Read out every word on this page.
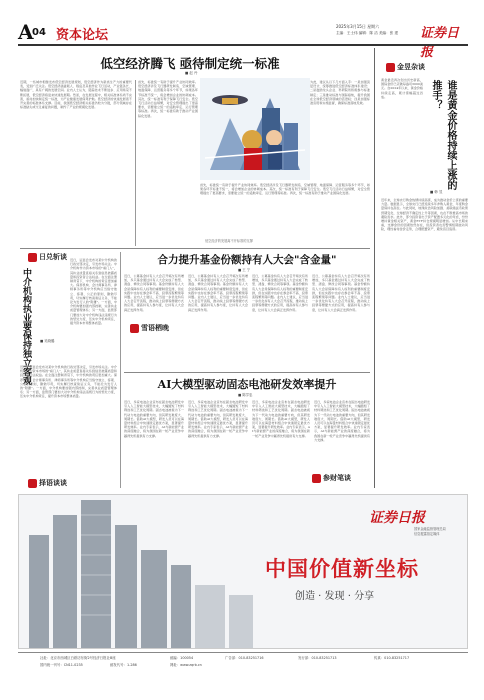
A
04 资本论坛
2025年3月15日 星期六
主编：王士伟 编辑：陈 洁 美编：张 建 证券日报
低空经济腾飞 亟待制定统一标准
■ 赵 丹
近期，一些城市相继发布低空经济发展规划，低空经济作为新质生产力的重要代表，受到广泛关注。低空经济涵盖载人、载货及其他作业飞行活动，产业链条长、辐射面广，具有广阔的发展空间。业内人士认为，随着技术不断进步、应用场景不断拓展，低空经济将迎来快速发展期。然而，在发展过程中，相关标准体系尚不完善，亟待加快制定统一标准，为产业健康发展保驾护航。低空经济的快速发展离不开完善的标准体系支撑。目前，我国低空经济相关标准仍较为分散，部分领域存在标准缺失或交叉重复的问题，制约了产业的规模化发展。
首先，标准统一有助于提升产业协同效率。低空经济涉及飞行器研发制造、空域管理、地面保障、运营服务等多个环节，如果各环节标准不统一，将会增加企业的协调成本。其次，统一标准有利于保障飞行安全。低空飞行活动日益频繁，对安全管理提出了更高要求，需要建立统一的适航审定、运行管理等标准。再次，统一标准有助于推动产业国际化发展。
为此，建议从以下几方面入手：一是加强顶层设计，统筹推进低空经济标准体系建设；二是鼓励龙头企业、科研院所积极参与标准制定；三是推动标准与国际接轨，提升我国在全球低空经济领域的话语权；四是加强标准宣贯和实施监督，确保标准落地见效。
首先，标准统一有助于提升产业协同效率。低空经济涉及飞行器研发制造、空域管理、地面保障、运营服务等多个环节，如果各环节标准不统一，将会增加企业的协调成本。其次，统一标准有利于保障飞行安全。低空飞行活动日益频繁，对安全管理提出了更高要求，需要建立统一的适航审定、运行管理等标准。再次，统一标准有助于推动产业国际化发展。
低空经济的发展离不开标准的支撑
金昱杂谈
黄金最近再次创出历史新高，国际金价已突破每盎司3000美元。自2024年以来，黄金价格持续走高，累计涨幅超过四成。	谁是黄金价格持续上涨的推手？
■ 韩 昱
近年来，全球央行购金热情持续高涨，成为推动金价上涨的重要力量。数据显示，全球央行已经连续多年净购入黄金，年度购金量保持在高位。与此同时，地缘政治风险加剧、美联储货币政策预期变化、全球经济不确定性上升等因素，也在不断推高市场的避险需求。此外，部分投资者出于资产配置多元化的考虑，纷纷增持黄金相关资产，黄金ETF持仓规模明显增加。从中长期来看，支撑金价的因素依然存在，但投资者也需警惕短期波动风险，理性看待金价走势，合理配置资产，避免盲目追涨。
日兑斩谈
中介机构执业要保持独立客观	■ 吴晓璐
近日，证监会发布对某中介机构的行政处罚决定，引发市场关注。中介机构作为资本市场的"看门人"，其执业质量直接关系到信息披露质量和投资者合法权益。在全面注册制背景下，中介机构的责任更加重大。保荐机构、会计师事务所、律师事务所等中介机构应当恪守独立、客观、公正的原则，勤勉尽责，切实履行核查验证义务，不能沦为发行人的"附庸"。一方面，中介机构要加强内部控制，完善执业质量管理体系；另一方面，监管部门要加大对中介机构违法违规行为的惩处力度，压实中介机构责任，提升资本市场整体质量。
近日，证监会发布对某中介机构的行政处罚决定，引发市场关注。中介机构作为资本市场的"看门人"，其执业质量直接关系到信息披露质量和投资者合法权益。在全面注册制背景下，中介机构的责任更加重大。保荐机构、会计师事务所、律师事务所等中介机构应当恪守独立、客观、公正的原则，勤勉尽责，切实履行核查验证义务，不能沦为发行人的"附庸"。一方面，中介机构要加强内部控制，完善执业质量管理体系；另一方面，监管部门要加大对中介机构违法违规行为的惩处力度，压实中介机构责任，提升资本市场整体质量。
合力提升基金份额持有人大会"含金量"
■ 王 宁
近日，公募基金持有人大会召开频次有所增加，多只基金通过持有人大会完成了转型、清盘、修改合同等事项。基金份额持有人大会是保障持有人权利的重要制度安排，但在实践中也存在参会率不高、投票流程繁琐等问题。业内人士建议，应当进一步优化持有人大会召开流程，推动线上投票等便捷方式的应用，提高持有人参与度，让持有人大会真正发挥作用。
近日，公募基金持有人大会召开频次有所增加，多只基金通过持有人大会完成了转型、清盘、修改合同等事项。基金份额持有人大会是保障持有人权利的重要制度安排，但在实践中也存在参会率不高、投票流程繁琐等问题。业内人士建议，应当进一步优化持有人大会召开流程，推动线上投票等便捷方式的应用，提高持有人参与度，让持有人大会真正发挥作用。
近日，公募基金持有人大会召开频次有所增加，多只基金通过持有人大会完成了转型、清盘、修改合同等事项。基金份额持有人大会是保障持有人权利的重要制度安排，但在实践中也存在参会率不高、投票流程繁琐等问题。业内人士建议，应当进一步优化持有人大会召开流程，推动线上投票等便捷方式的应用，提高持有人参与度，让持有人大会真正发挥作用。
近日，公募基金持有人大会召开频次有所增加，多只基金通过持有人大会完成了转型、清盘、修改合同等事项。基金份额持有人大会是保障持有人权利的重要制度安排，但在实践中也存在参会率不高、投票流程繁琐等问题。业内人士建议，应当进一步优化持有人大会召开流程，推动线上投票等便捷方式的应用，提高持有人参与度，让持有人大会真正发挥作用。
雪语栖晚
AI大模型驱动固态电池研发效率提升
■ 陈学忠
近日，多家电池企业宣布在固态电池研发中引入人工智能大模型技术，大幅缩短了材料筛选和工艺优化周期。固态电池被视为下一代动力电池的重要方向，但其研发难度大、周期长。借助AI大模型，研发人员可以在海量材料组合中快速锁定最优方案，显著提升研发效率。业内专家表示，AI与新能源产业的深度融合，将为我国在新一轮产业竞争中赢得先机提供有力支撑。
近日，多家电池企业宣布在固态电池研发中引入人工智能大模型技术，大幅缩短了材料筛选和工艺优化周期。固态电池被视为下一代动力电池的重要方向，但其研发难度大、周期长。借助AI大模型，研发人员可以在海量材料组合中快速锁定最优方案，显著提升研发效率。业内专家表示，AI与新能源产业的深度融合，将为我国在新一轮产业竞争中赢得先机提供有力支撑。
近日，多家电池企业宣布在固态电池研发中引入人工智能大模型技术，大幅缩短了材料筛选和工艺优化周期。固态电池被视为下一代动力电池的重要方向，但其研发难度大、周期长。借助AI大模型，研发人员可以在海量材料组合中快速锁定最优方案，显著提升研发效率。业内专家表示，AI与新能源产业的深度融合，将为我国在新一轮产业竞争中赢得先机提供有力支撑。
近日，多家电池企业宣布在固态电池研发中引入人工智能大模型技术，大幅缩短了材料筛选和工艺优化周期。固态电池被视为下一代动力电池的重要方向，但其研发难度大、周期长。借助AI大模型，研发人员可以在海量材料组合中快速锁定最优方案，显著提升研发效率。业内专家表示，AI与新能源产业的深度融合，将为我国在新一轮产业竞争中赢得先机提供有力支撑。
择语谈谈
参财笔谈
证券日报
国家金融监督管理总局
信息披露指定媒体
中国价值新坐标
创造 · 发现 · 分享
社址：北京市西城区白纸坊东街2号经济日报社B座	邮编：100054	广告部：010-83251716	发行部：010-83251713	传真：010-83251717
国内统一刊号：CN11-0235	邮发代号：1-286	网址：www.zqrb.cn
